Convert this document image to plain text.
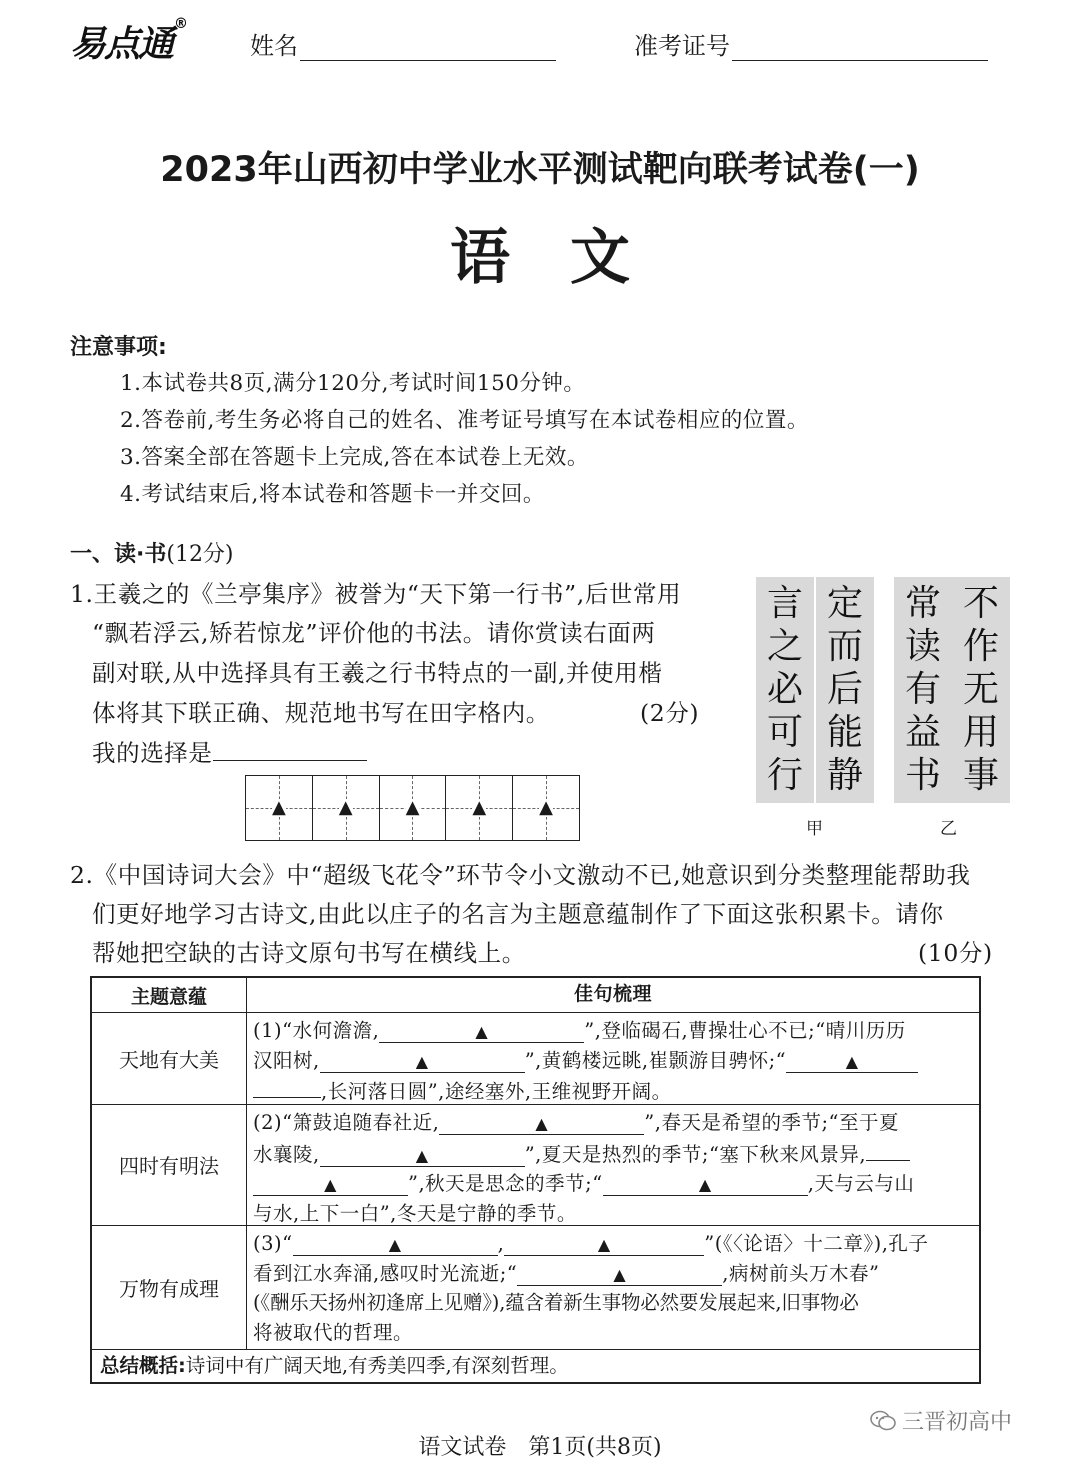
易点通 ®
姓名	准考证号
2023年山西初中学业水平测试靶向联考试卷(一)
语文
注意事项:
1.本试卷共8页,满分120分,考试时间150分钟。
2.答卷前,考生务必将自己的姓名、准考证号填写在本试卷相应的位置。
3.答案全部在答题卡上完成,答在本试卷上无效。
4.考试结束后,将本试卷和答题卡一并交回。
一、读·书(12分)
1.王羲之的《兰亭集序》被誉为“天下第一行书”,后世常用
“飘若浮云,矫若惊龙”评价他的书法。请你赏读右面两
副对联,从中选择具有王羲之行书特点的一副,并使用楷
体将其下联正确、规范地书写在田字格内。	(2分)
我的选择是
▲	▲	▲	▲	▲
言
之
必
可
行
定
而
后
能
静
常
读
有
益
书
不
作
无
用
事
甲	乙
2.《中国诗词大会》中“超级飞花令”环节令小文激动不已,她意识到分类整理能帮助我
们更好地学习古诗文,由此以庄子的名言为主题意蕴制作了下面这张积累卡。请你
帮她把空缺的古诗文原句书写在横线上。	(10分)
主题意蕴	佳句梳理
天地有大美
(1)“水何澹澹,	▲	”,登临碣石,曹操壮心不已;“晴川历历
汉阳树,	▲	”,黄鹤楼远眺,崔颢游目骋怀;“	▲
,长河落日圆”,途经塞外,王维视野开阔。
四时有明法
(2)“箫鼓追随春社近,	▲	”,春天是希望的季节;“至于夏
水襄陵,	▲	”,夏天是热烈的季节;“塞下秋来风景异,
▲	”,秋天是思念的季节;“	▲	,天与云与山
与水,上下一白”,冬天是宁静的季节。
万物有成理
(3)“	▲	,	▲	”(《〈论语〉十二章》),孔子
看到江水奔涌,感叹时光流逝;“	▲	,病树前头万木春”
(《酬乐天扬州初逢席上见赠》),蕴含着新生事物必然要发展起来,旧事物必
将被取代的哲理。
总结概括:诗词中有广阔天地,有秀美四季,有深刻哲理。
语文试卷　第1页(共8页)
三晋初高中
